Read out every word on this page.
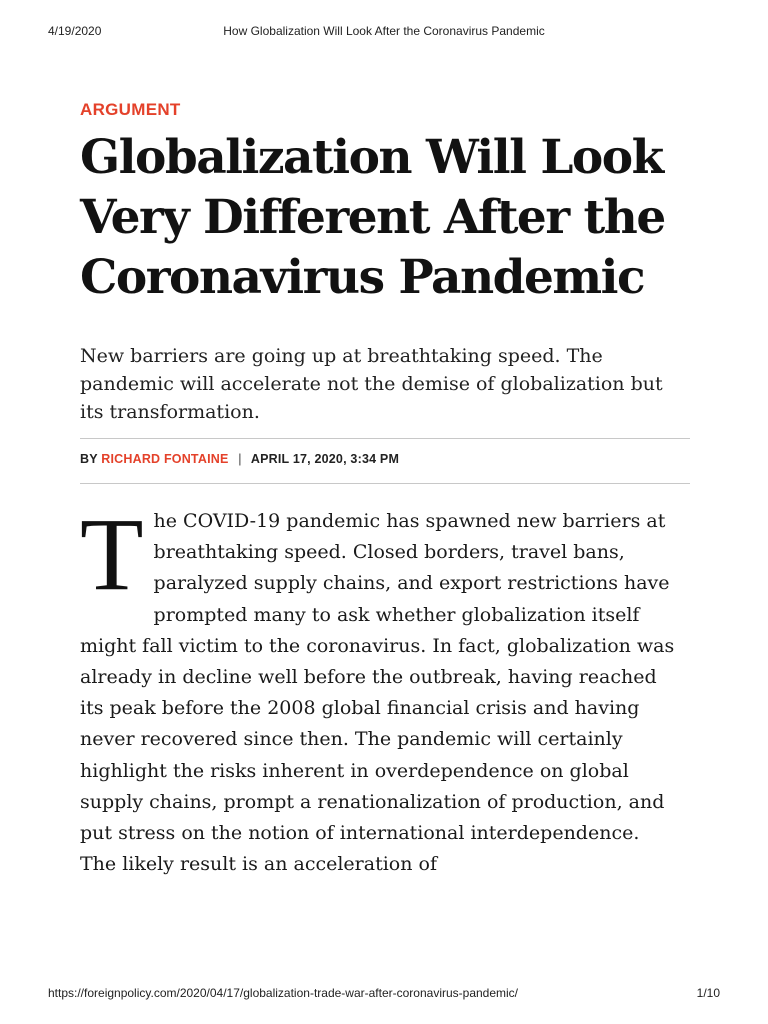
4/19/2020	How Globalization Will Look After the Coronavirus Pandemic
ARGUMENT
Globalization Will Look Very Different After the Coronavirus Pandemic

New barriers are going up at breathtaking speed. The pandemic will accelerate not the demise of globalization but its transformation.

BY RICHARD FONTAINE | APRIL 17, 2020, 3:34 PM
The COVID-19 pandemic has spawned new barriers at breathtaking speed. Closed borders, travel bans, paralyzed supply chains, and export restrictions have prompted many to ask whether globalization itself might fall victim to the coronavirus. In fact, globalization was already in decline well before the outbreak, having reached its peak before the 2008 global financial crisis and having never recovered since then. The pandemic will certainly highlight the risks inherent in overdependence on global supply chains, prompt a renationalization of production, and put stress on the notion of international interdependence. The likely result is an acceleration of
https://foreignpolicy.com/2020/04/17/globalization-trade-war-after-coronavirus-pandemic/	1/10
